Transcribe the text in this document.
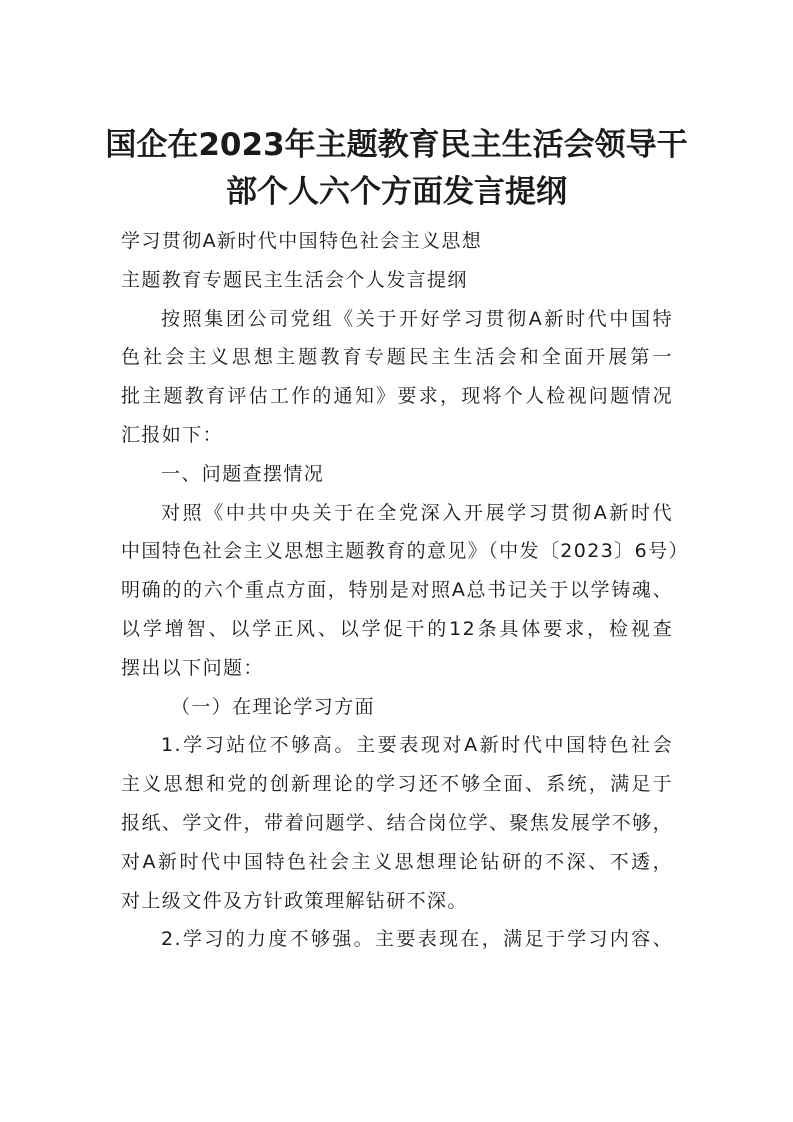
国企在2023年主题教育民主生活会领导干
部个人六个方面发言提纲
学习贯彻A新时代中国特色社会主义思想
主题教育专题民主生活会个人发言提纲
按照集团公司党组《关于开好学习贯彻A新时代中国特
色社会主义思想主题教育专题民主生活会和全面开展第一
批主题教育评估工作的通知》要求，现将个人检视问题情况
汇报如下：
一、问题查摆情况
对照《中共中央关于在全党深入开展学习贯彻A新时代
中国特色社会主义思想主题教育的意见》（中发〔2023〕6号）
明确的的六个重点方面，特别是对照A总书记关于以学铸魂、
以学增智、以学正风、以学促干的12条具体要求，检视查
摆出以下问题：
（一）在理论学习方面
1.学习站位不够高。主要表现对A新时代中国特色社会
主义思想和党的创新理论的学习还不够全面、系统，满足于
报纸、学文件，带着问题学、结合岗位学、聚焦发展学不够，
对A新时代中国特色社会主义思想理论钻研的不深、不透，
对上级文件及方针政策理解钻研不深。
2.学习的力度不够强。主要表现在，满足于学习内容、
